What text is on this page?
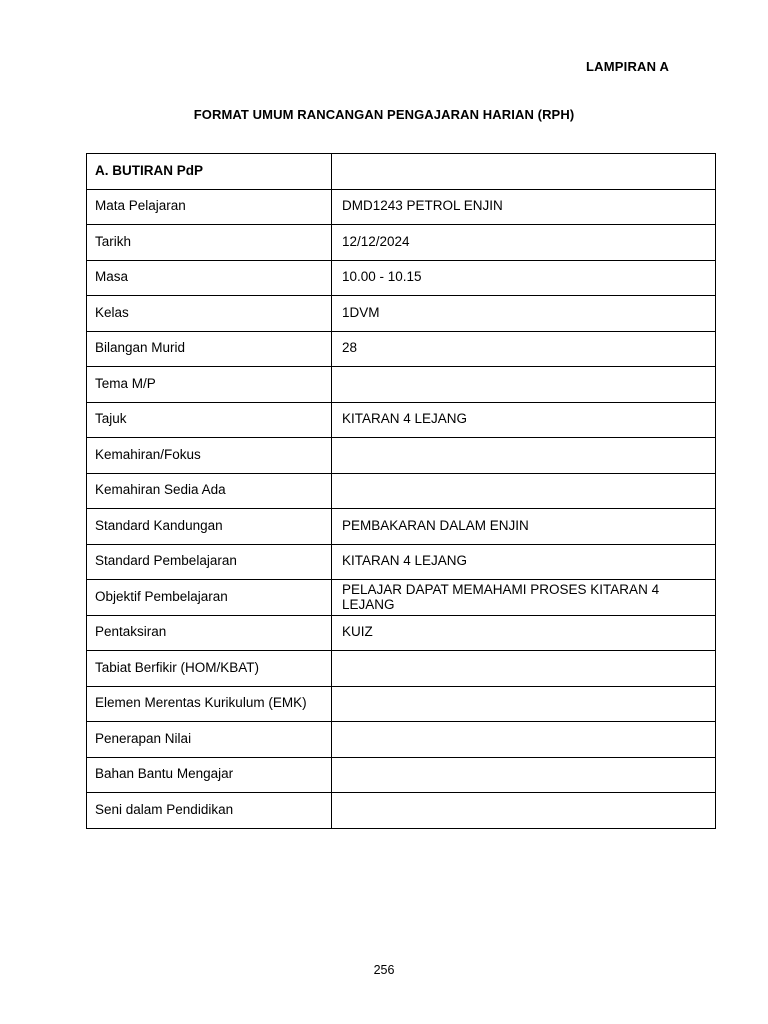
LAMPIRAN A
FORMAT UMUM RANCANGAN PENGAJARAN HARIAN (RPH)
A. BUTIRAN PdP	
Mata Pelajaran	DMD1243 PETROL ENJIN
Tarikh	12/12/2024
Masa	10.00 - 10.15
Kelas	1DVM
Bilangan Murid	28
Tema M/P	
Tajuk	KITARAN 4 LEJANG
Kemahiran/Fokus	
Kemahiran Sedia Ada	
Standard Kandungan	PEMBAKARAN DALAM ENJIN
Standard Pembelajaran	KITARAN 4 LEJANG
Objektif Pembelajaran	PELAJAR DAPAT MEMAHAMI PROSES KITARAN 4 LEJANG
Pentaksiran	KUIZ
Tabiat Berfikir (HOM/KBAT)	
Elemen Merentas Kurikulum (EMK)	
Penerapan Nilai	
Bahan Bantu Mengajar	
Seni dalam Pendidikan	
256
